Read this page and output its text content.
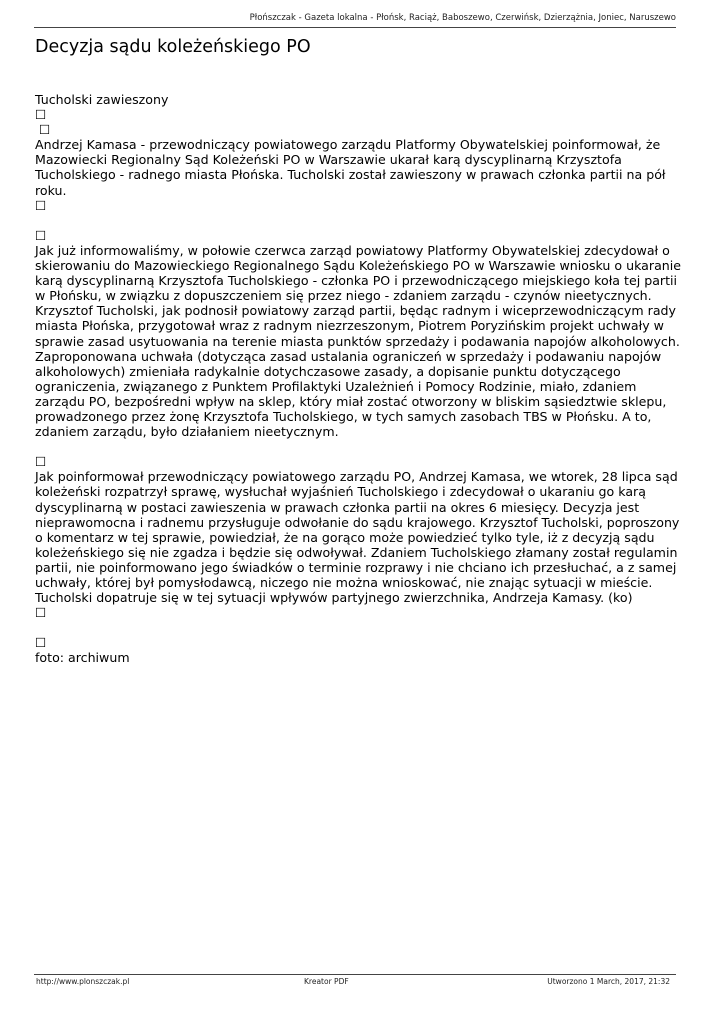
Płońszczak - Gazeta lokalna - Płońsk, Raciąż, Baboszewo, Czerwińsk, Dzierzążnia, Joniec, Naruszewo
Decyzja sądu koleżeńskiego PO

Tucholski zawieszony

☐
☐

Andrzej Kamasa - przewodniczący powiatowego zarządu Platformy Obywatelskiej poinformował, że Mazowiecki Regionalny Sąd Koleżeński PO w Warszawie ukarał karą dyscyplinarną Krzysztofa Tucholskiego - radnego miasta Płońska. Tucholski został zawieszony w prawach członka partii na pół roku.

☐
☐

Jak już informowaliśmy, w połowie czerwca zarząd powiatowy Platformy Obywatelskiej zdecydował o skierowaniu do Mazowieckiego Regionalnego Sądu Koleżeńskiego PO w Warszawie wniosku o ukaranie karą dyscyplinarną Krzysztofa Tucholskiego - członka PO i przewodniczącego miejskiego koła tej partii w Płońsku, w związku z dopuszczeniem się przez niego - zdaniem zarządu - czynów nieetycznych. Krzysztof Tucholski, jak podnosił powiatowy zarząd partii, będąc radnym i wiceprzewodniczącym rady miasta Płońska, przygotował wraz z radnym niezrzeszonym, Piotrem Poryzińskim projekt uchwały w sprawie zasad usytuowania na terenie miasta punktów sprzedaży i podawania napojów alkoholowych. Zaproponowana uchwała (dotycząca zasad ustalania ograniczeń w sprzedaży i podawaniu napojów alkoholowych) zmieniała radykalnie dotychczasowe zasady, a dopisanie punktu dotyczącego ograniczenia, związanego z Punktem Profilaktyki Uzależnień i Pomocy Rodzinie, miało, zdaniem zarządu PO, bezpośredni wpływ na sklep, który miał zostać otworzony w bliskim sąsiedztwie sklepu, prowadzonego przez żonę Krzysztofa Tucholskiego, w tych samych zasobach TBS w Płońsku. A to, zdaniem zarządu, było działaniem nieetycznym.

☐

Jak poinformował przewodniczący powiatowego zarządu PO, Andrzej Kamasa, we wtorek, 28 lipca sąd koleżeński rozpatrzył sprawę, wysłuchał wyjaśnień Tucholskiego i zdecydował o ukaraniu go karą dyscyplinarną w postaci zawieszenia w prawach członka partii na okres 6 miesięcy. Decyzja jest nieprawomocna i radnemu przysługuje odwołanie do sądu krajowego. Krzysztof Tucholski, poproszony o komentarz w tej sprawie, powiedział, że na gorąco może powiedzieć tylko tyle, iż z decyzją sądu koleżeńskiego się nie zgadza i będzie się odwoływał. Zdaniem Tucholskiego złamany został regulamin partii, nie poinformowano jego świadków o terminie rozprawy i nie chciano ich przesłuchać, a z samej uchwały, której był pomysłodawcą, niczego nie można wnioskować, nie znając sytuacji w mieście. Tucholski dopatruje się w tej sytuacji wpływów partyjnego zwierzchnika, Andrzeja Kamasy. (ko)

☐
☐

foto: archiwum

http://www.plonszczak.pl	Kreator PDF	Utworzono 1 March, 2017, 21:32
